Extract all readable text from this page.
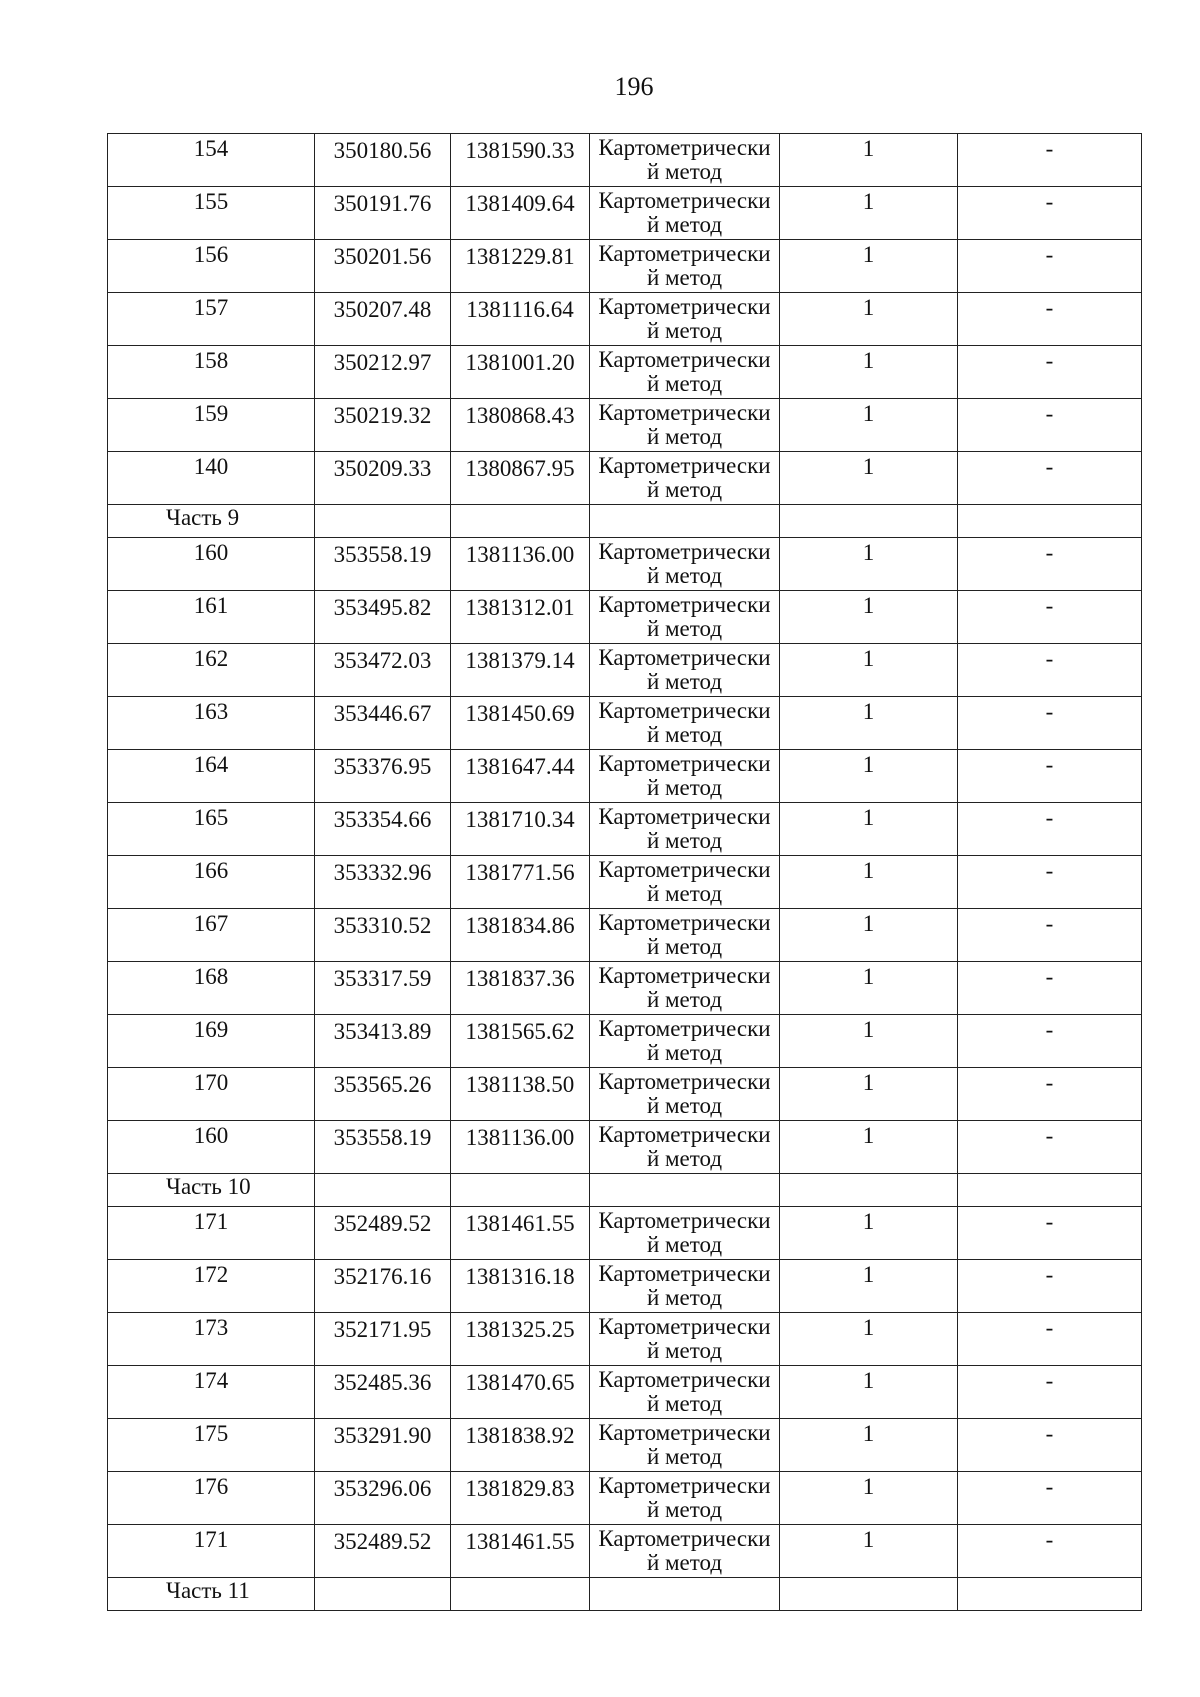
196
154	350180.56	1381590.33	Картометрически й метод	1	-

155	350191.76	1381409.64	Картометрически й метод	1	-

156	350201.56	1381229.81	Картометрически й метод	1	-

157	350207.48	1381116.64	Картометрически й метод	1	-

158	350212.97	1381001.20	Картометрически й метод	1	-

159	350219.32	1380868.43	Картометрически й метод	1	-

140	350209.33	1380867.95	Картометрически й метод	1	-

Часть 9					

160	353558.19	1381136.00	Картометрически й метод	1	-

161	353495.82	1381312.01	Картометрически й метод	1	-

162	353472.03	1381379.14	Картометрически й метод	1	-

163	353446.67	1381450.69	Картометрически й метод	1	-

164	353376.95	1381647.44	Картометрически й метод	1	-

165	353354.66	1381710.34	Картометрически й метод	1	-

166	353332.96	1381771.56	Картометрически й метод	1	-

167	353310.52	1381834.86	Картометрически й метод	1	-

168	353317.59	1381837.36	Картометрически й метод	1	-

169	353413.89	1381565.62	Картометрически й метод	1	-

170	353565.26	1381138.50	Картометрически й метод	1	-

160	353558.19	1381136.00	Картометрически й метод	1	-

Часть 10					

171	352489.52	1381461.55	Картометрически й метод	1	-

172	352176.16	1381316.18	Картометрически й метод	1	-

173	352171.95	1381325.25	Картометрически й метод	1	-

174	352485.36	1381470.65	Картометрически й метод	1	-

175	353291.90	1381838.92	Картометрически й метод	1	-

176	353296.06	1381829.83	Картометрически й метод	1	-

171	352489.52	1381461.55	Картометрически й метод	1	-

Часть 11					
